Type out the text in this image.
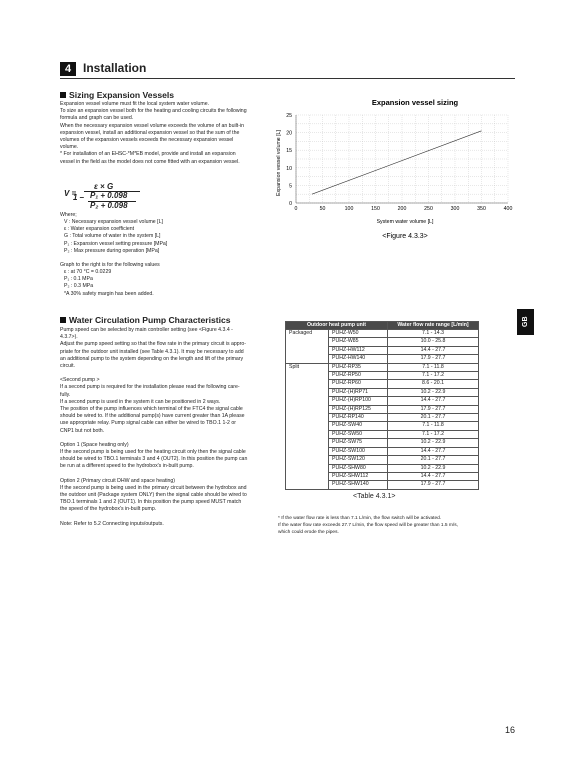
4 Installation
Sizing Expansion Vessels

Expansion vessel volume must fit the local system water volume.

To size an expansion vessel both for the heating and cooling circuits the following

formula and graph can be used.

When the necessary expansion vessel volume exceeds the volume of an built-in

expansion vessel, install an additional expansion vessel so that the sum of the

volumes of the expansion vessels exceeds the necessary expansion vessel

volume.

* For installation of an EHSC-*M*EB model, provide and install an expansion

vessel in the field as the model does not come fitted with an expansion vessel.

V =
ε × G
1 – P₁ + 0.098
P₂ + 0.098
Where;

V : Necessary expansion vessel volume [L]

ε : Water expansion coefficient

G : Total volume of water in the system [L]

P₁ : Expansion vessel setting pressure [MPa]

P₂ : Max pressure during operation [MPa]

Graph to the right is for the following values

ε : at 70 °C = 0.0229

P₁ : 0.1 MPa

P₂ : 0.3 MPa

*A 30% safety margin has been added.

Expansion vessel sizing
0
5
10
15
20
25
0	50	100	150	200	250	300	350	400
System water volume [L]
Expansion vessel volume [L]
<Figure 4.3.3>
GB
Water Circulation Pump Characteristics

Pump speed can be selected by main controller setting (see <Figure 4.3.4 -

4.3.7>).

Adjust the pump speed setting so that the flow rate in the primary circuit is appro-

priate for the outdoor unit installed (see Table 4.3.1). It may be necessary to add

an additional pump to the system depending on the length and lift of the primary

circuit.

<Second pump >

If a second pump is required for the installation please read the following care-

fully.

If a second pump is used in the system it can be positioned in 2 ways.

The position of the pump influences which terminal of the FTC4 the signal cable

should be wired to. If the additional pump(s) have current greater than 1A please

use appropriate relay. Pump signal cable can either be wired to TBO.1 1-2 or

CNP1 but not both.

Option 1 (Space heating only)

If the second pump is being used for the heating circuit only then the signal cable

should be wired to TBO.1 terminals 3 and 4 (OUT2). In this position the pump can

be run at a different speed to the hydrobox's in-built pump.

Option 2 (Primary circuit DHW and space heating)

If the second pump is being used in the primary circuit between the hydrobox and

the outdoor unit (Package system ONLY) then the signal cable should be wired to

TBO.1 terminals 1 and 2 (OUT1). In this position the pump speed MUST match

the speed of the hydrobox's in-built pump.

Note: Refer to 5.2 Connecting inputs/outputs.

Outdoor heat pump unit		Water flow rate range [L/min]
Packaged	PUHZ-W50	7.1 - 14.3
	PUHZ-W85	10.0 - 25.8
	PUHZ-HW112	14.4 - 27.7
	PUHZ-HW140	17.9 - 27.7
Split	PUHZ-RP35	7.1 - 11.8
	PUHZ-RP50	7.1 - 17.2
	PUHZ-RP60	8.6 - 20.1
	PUHZ-(H)RP71	10.2 - 22.9
	PUHZ-(H)RP100	14.4 - 27.7
	PUHZ-(H)RP125	17.9 - 27.7
	PUHZ-RP140	20.1 - 27.7
	PUHZ-SW40	7.1 - 11.8
	PUHZ-SW50	7.1 - 17.2
	PUHZ-SW75	10.2 - 22.9
	PUHZ-SW100	14.4 - 27.7
	PUHZ-SW120	20.1 - 27.7
	PUHZ-SHW80	10.2 - 22.9
	PUHZ-SHW112	14.4 - 27.7
	PUHZ-SHW140	17.9 - 27.7
<Table 4.3.1>

* If the water flow rate is less than 7.1 L/min, the flow switch will be activated.

If the water flow rate exceeds 27.7 L/min, the flow speed will be greater than 1.5 m/s,

which could erode the pipes.

16
